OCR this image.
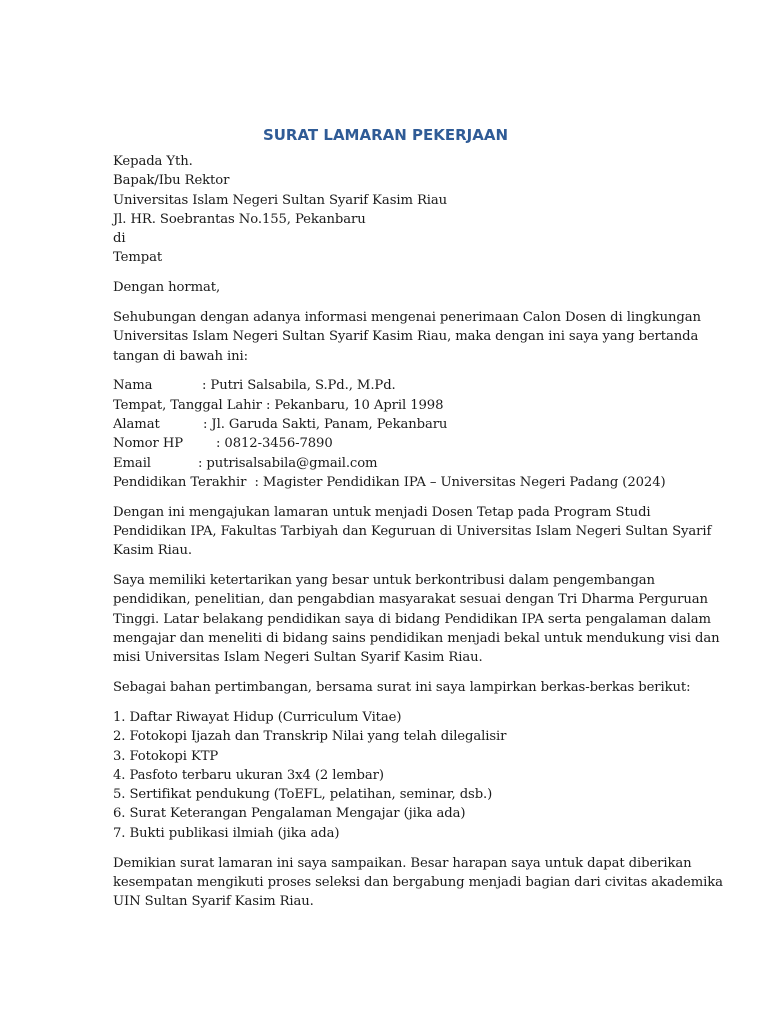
SURAT LAMARAN PEKERJAAN
Kepada Yth.
Bapak/Ibu Rektor
Universitas Islam Negeri Sultan Syarif Kasim Riau
Jl. HR. Soebrantas No.155, Pekanbaru
di
Tempat
Dengan hormat,
Sehubungan dengan adanya informasi mengenai penerimaan Calon Dosen di lingkungan
Universitas Islam Negeri Sultan Syarif Kasim Riau, maka dengan ini saya yang bertanda
tangan di bawah ini:
Nama	: Putri Salsabila, S.Pd., M.Pd.
Tempat, Tanggal Lahir : Pekanbaru, 10 April 1998
Alamat	: Jl. Garuda Sakti, Panam, Pekanbaru
Nomor HP	: 0812-3456-7890
Email	: putrisalsabila@gmail.com
Pendidikan Terakhir  : Magister Pendidikan IPA – Universitas Negeri Padang (2024)
Dengan ini mengajukan lamaran untuk menjadi Dosen Tetap pada Program Studi
Pendidikan IPA, Fakultas Tarbiyah dan Keguruan di Universitas Islam Negeri Sultan Syarif
Kasim Riau.
Saya memiliki ketertarikan yang besar untuk berkontribusi dalam pengembangan
pendidikan, penelitian, dan pengabdian masyarakat sesuai dengan Tri Dharma Perguruan
Tinggi. Latar belakang pendidikan saya di bidang Pendidikan IPA serta pengalaman dalam
mengajar dan meneliti di bidang sains pendidikan menjadi bekal untuk mendukung visi dan
misi Universitas Islam Negeri Sultan Syarif Kasim Riau.
Sebagai bahan pertimbangan, bersama surat ini saya lampirkan berkas-berkas berikut:
1. Daftar Riwayat Hidup (Curriculum Vitae)
2. Fotokopi Ijazah dan Transkrip Nilai yang telah dilegalisir
3. Fotokopi KTP
4. Pasfoto terbaru ukuran 3x4 (2 lembar)
5. Sertifikat pendukung (ToEFL, pelatihan, seminar, dsb.)
6. Surat Keterangan Pengalaman Mengajar (jika ada)
7. Bukti publikasi ilmiah (jika ada)
Demikian surat lamaran ini saya sampaikan. Besar harapan saya untuk dapat diberikan
kesempatan mengikuti proses seleksi dan bergabung menjadi bagian dari civitas akademika
UIN Sultan Syarif Kasim Riau.
